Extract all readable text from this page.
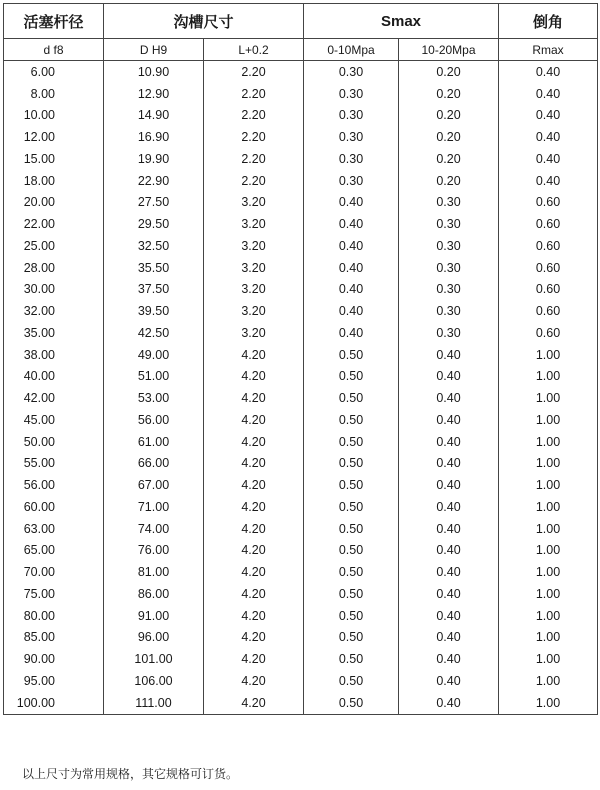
活塞杆径	沟槽尺寸		Smax		倒角
d f8	D H9	L+0.2	0-10Mpa	10-20Mpa	Rmax
6.00	10.90	2.20	0.30	0.20	0.40
8.00	12.90	2.20	0.30	0.20	0.40
10.00	14.90	2.20	0.30	0.20	0.40
12.00	16.90	2.20	0.30	0.20	0.40
15.00	19.90	2.20	0.30	0.20	0.40
18.00	22.90	2.20	0.30	0.20	0.40
20.00	27.50	3.20	0.40	0.30	0.60
22.00	29.50	3.20	0.40	0.30	0.60
25.00	32.50	3.20	0.40	0.30	0.60
28.00	35.50	3.20	0.40	0.30	0.60
30.00	37.50	3.20	0.40	0.30	0.60
32.00	39.50	3.20	0.40	0.30	0.60
35.00	42.50	3.20	0.40	0.30	0.60
38.00	49.00	4.20	0.50	0.40	1.00
40.00	51.00	4.20	0.50	0.40	1.00
42.00	53.00	4.20	0.50	0.40	1.00
45.00	56.00	4.20	0.50	0.40	1.00
50.00	61.00	4.20	0.50	0.40	1.00
55.00	66.00	4.20	0.50	0.40	1.00
56.00	67.00	4.20	0.50	0.40	1.00
60.00	71.00	4.20	0.50	0.40	1.00
63.00	74.00	4.20	0.50	0.40	1.00
65.00	76.00	4.20	0.50	0.40	1.00
70.00	81.00	4.20	0.50	0.40	1.00
75.00	86.00	4.20	0.50	0.40	1.00
80.00	91.00	4.20	0.50	0.40	1.00
85.00	96.00	4.20	0.50	0.40	1.00
90.00	101.00	4.20	0.50	0.40	1.00
95.00	106.00	4.20	0.50	0.40	1.00
100.00	111.00	4.20	0.50	0.40	1.00
以上尺寸为常用规格，其它规格可订货。
